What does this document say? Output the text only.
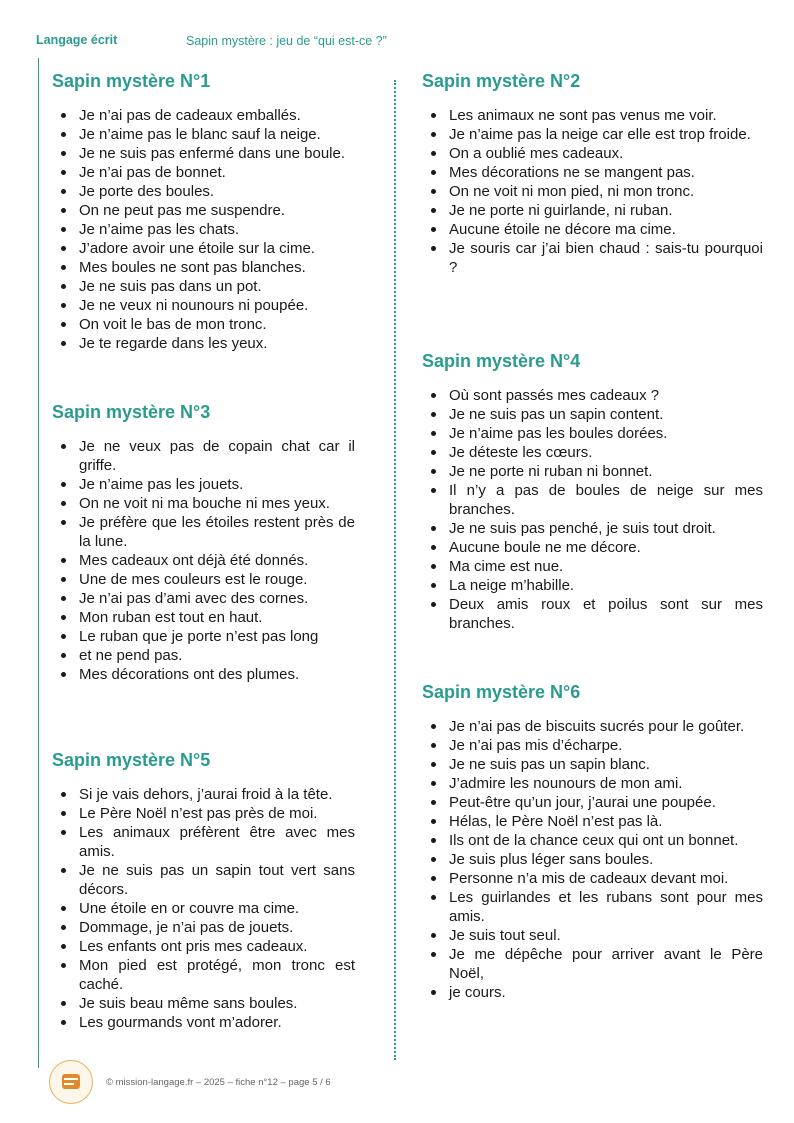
Langage écrit	Sapin mystère : jeu de “qui est-ce ?”
Sapin mystère N°1
Je n’ai pas de cadeaux emballés.
Je n’aime pas le blanc sauf la neige.
Je ne suis pas enfermé dans une boule.
Je n’ai pas de bonnet.
Je porte des boules.
On ne peut pas me suspendre.
Je n’aime pas les chats.
J’adore avoir une étoile sur la cime.
Mes boules ne sont pas blanches.
Je ne suis pas dans un pot.
Je ne veux ni nounours ni poupée.
On voit le bas de mon tronc.
Je te regarde dans les yeux.
Sapin mystère N°2
Les animaux ne sont pas venus me voir.
Je n’aime pas la neige car elle est trop froide.
On a oublié mes cadeaux.
Mes décorations ne se mangent pas.
On ne voit ni mon pied, ni mon tronc.
Je ne porte ni guirlande, ni ruban.
Aucune étoile ne décore ma cime.
Je souris car j’ai bien chaud : sais-tu pourquoi ?
Sapin mystère N°3
Je ne veux pas de copain chat car il griffe.
Je n’aime pas les jouets.
On ne voit ni ma bouche ni mes yeux.
Je préfère que les étoiles restent près de la lune.
Mes cadeaux ont déjà été donnés.
Une de mes couleurs est le rouge.
Je n’ai pas d’ami avec des cornes.
Mon ruban est tout en haut.
Le ruban que je porte n’est pas long
et ne pend pas.
Mes décorations ont des plumes.
Sapin mystère N°4
Où sont passés mes cadeaux ?
Je ne suis pas un sapin content.
Je n’aime pas les boules dorées.
Je déteste les cœurs.
Je ne porte ni ruban ni bonnet.
Il n’y a pas de boules de neige sur mes branches.
Je ne suis pas penché, je suis tout droit.
Aucune boule ne me décore.
Ma cime est nue.
La neige m’habille.
Deux amis roux et poilus sont sur mes branches.
Sapin mystère N°5
Si je vais dehors, j’aurai froid à la tête.
Le Père Noël n’est pas près de moi.
Les animaux préfèrent être avec mes amis.
Je ne suis pas un sapin tout vert sans décors.
Une étoile en or couvre ma cime.
Dommage, je n’ai pas de jouets.
Les enfants ont pris mes cadeaux.
Mon pied est protégé, mon tronc est caché.
Je suis beau même sans boules.
Les gourmands vont m’adorer.
Sapin mystère N°6
Je n’ai pas de biscuits sucrés pour le goûter.
Je n’ai pas mis d’écharpe.
Je ne suis pas un sapin blanc.
J’admire les nounours de mon ami.
Peut-être qu’un jour, j’aurai une poupée.
Hélas, le Père Noël n’est pas là.
Ils ont de la chance ceux qui ont un bonnet.
Je suis plus léger sans boules.
Personne n’a mis de cadeaux devant moi.
Les guirlandes et les rubans sont pour mes amis.
Je suis tout seul.
Je me dépêche pour arriver avant le Père Noël,
je cours.
© mission-langage.fr – 2025 – fiche n°12 – page 5 / 6
